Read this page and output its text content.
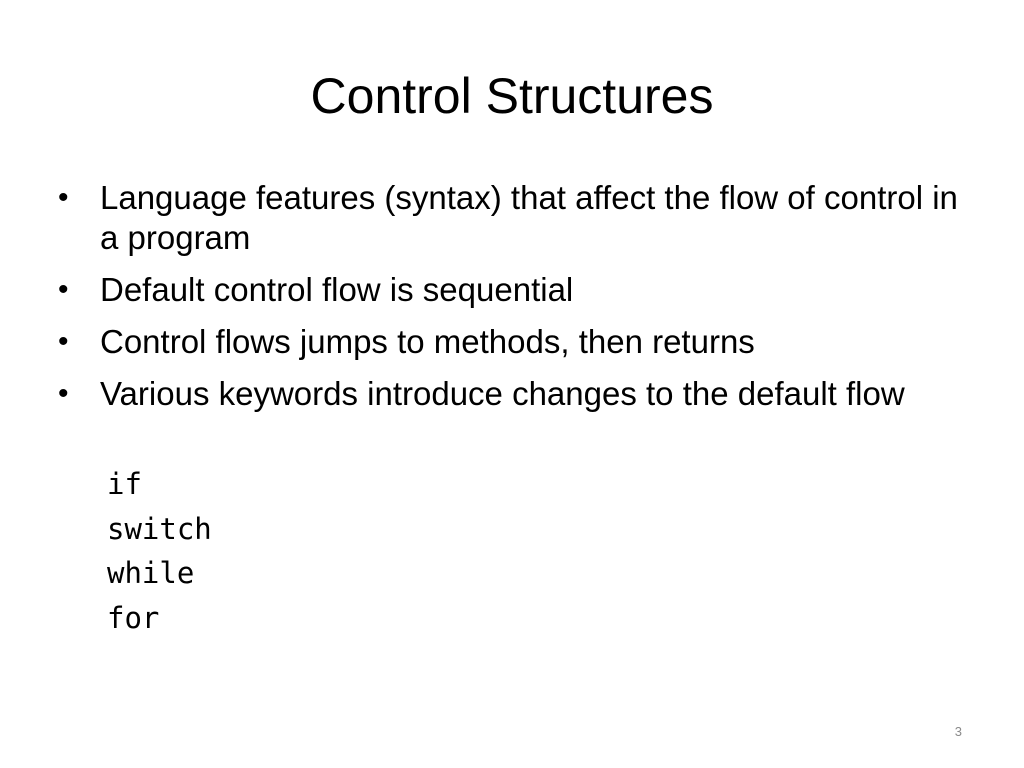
Control Structures
• Language features (syntax) that affect the flow of control in a program
• Default control flow is sequential
• Control flows jumps to methods, then returns
• Various keywords introduce changes to the default flow
if
switch
while
for
3
